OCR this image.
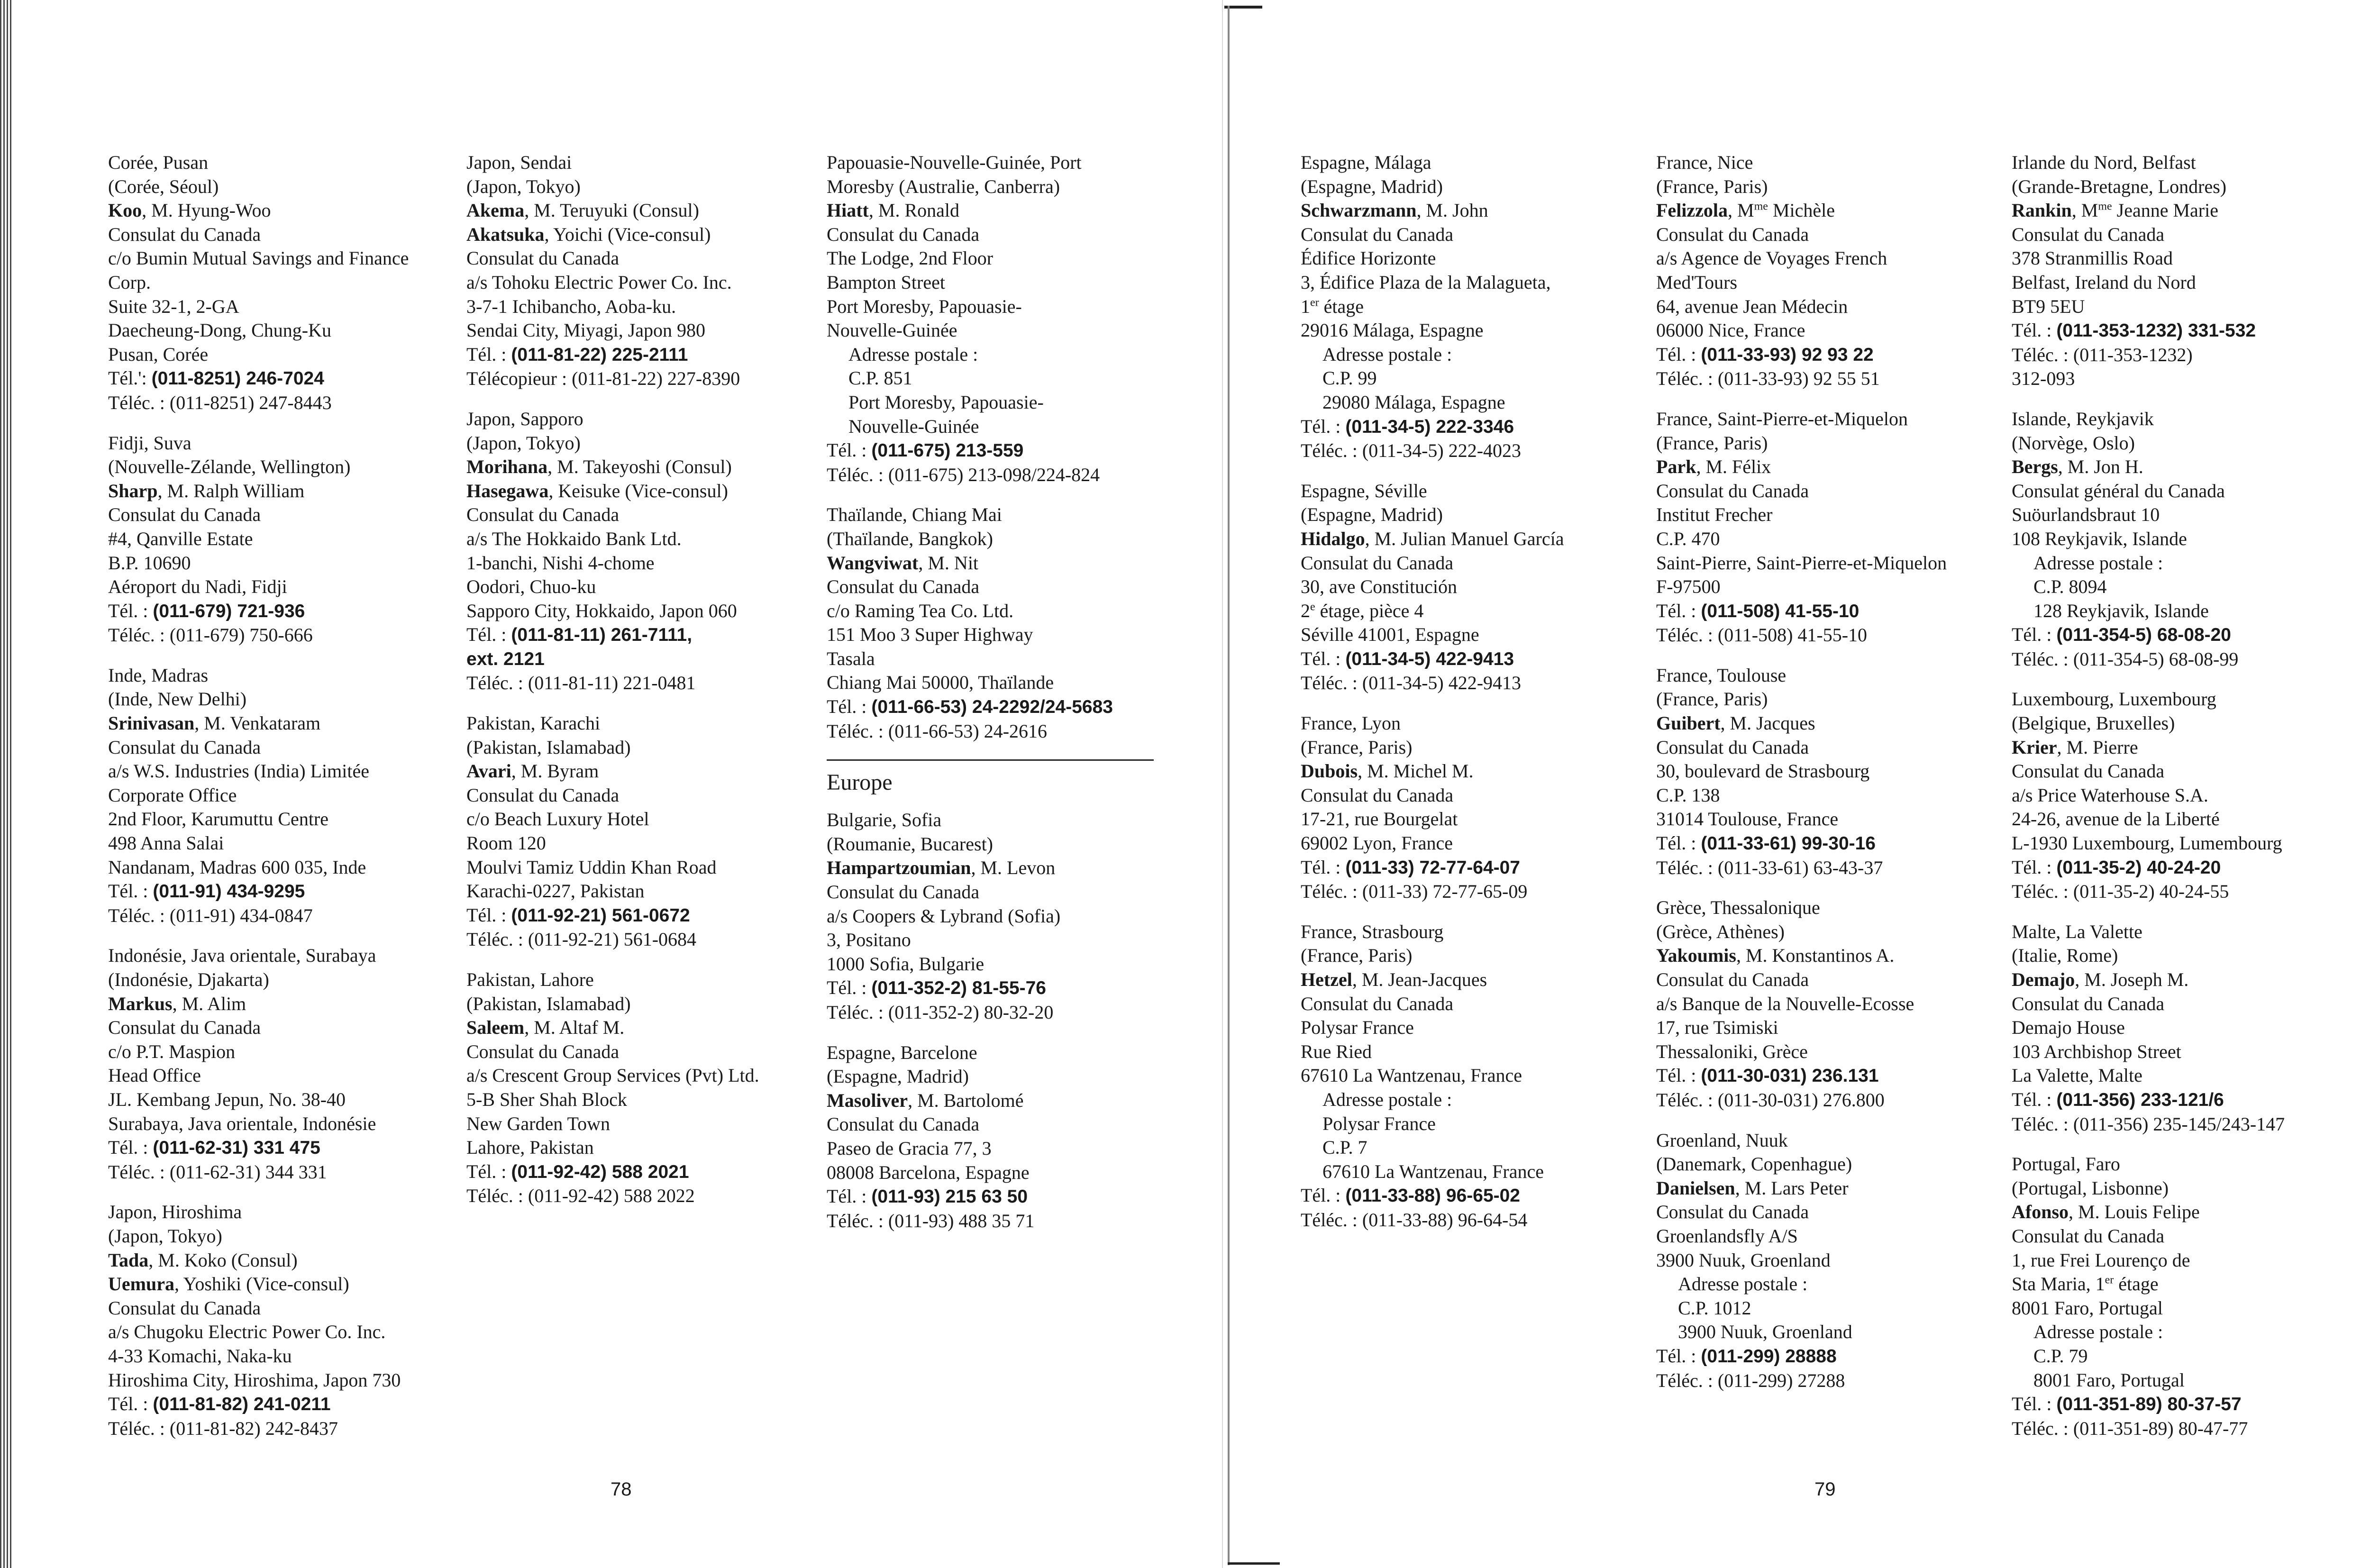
Corée, Pusan
(Corée, Séoul)
Koo, M. Hyung-Woo
Consulat du Canada
c/o Bumin Mutual Savings and Finance
Corp.
Suite 32-1, 2-GA
Daecheung-Dong, Chung-Ku
Pusan, Corée
Tél.': (011-8251) 246-7024
Téléc. : (011-8251) 247-8443
Fidji, Suva
(Nouvelle-Zélande, Wellington)
Sharp, M. Ralph William
Consulat du Canada
#4, Qanville Estate
B.P. 10690
Aéroport du Nadi, Fidji
Tél. : (011-679) 721-936
Téléc. : (011-679) 750-666
Inde, Madras
(Inde, New Delhi)
Srinivasan, M. Venkataram
Consulat du Canada
a/s W.S. Industries (India) Limitée
Corporate Office
2nd Floor, Karumuttu Centre
498 Anna Salai
Nandanam, Madras 600 035, Inde
Tél. : (011-91) 434-9295
Téléc. : (011-91) 434-0847
Indonésie, Java orientale, Surabaya
(Indonésie, Djakarta)
Markus, M. Alim
Consulat du Canada
c/o P.T. Maspion
Head Office
JL. Kembang Jepun, No. 38-40
Surabaya, Java orientale, Indonésie
Tél. : (011-62-31) 331 475
Téléc. : (011-62-31) 344 331
Japon, Hiroshima
(Japon, Tokyo)
Tada, M. Koko (Consul)
Uemura, Yoshiki (Vice-consul)
Consulat du Canada
a/s Chugoku Electric Power Co. Inc.
4-33 Komachi, Naka-ku
Hiroshima City, Hiroshima, Japon 730
Tél. : (011-81-82) 241-0211
Téléc. : (011-81-82) 242-8437
Japon, Sendai
(Japon, Tokyo)
Akema, M. Teruyuki (Consul)
Akatsuka, Yoichi (Vice-consul)
Consulat du Canada
a/s Tohoku Electric Power Co. Inc.
3-7-1 Ichibancho, Aoba-ku.
Sendai City, Miyagi, Japon 980
Tél. : (011-81-22) 225-2111
Télécopieur : (011-81-22) 227-8390
Japon, Sapporo
(Japon, Tokyo)
Morihana, M. Takeyoshi (Consul)
Hasegawa, Keisuke (Vice-consul)
Consulat du Canada
a/s The Hokkaido Bank Ltd.
1-banchi, Nishi 4-chome
Oodori, Chuo-ku
Sapporo City, Hokkaido, Japon 060
Tél. : (011-81-11) 261-7111,
ext. 2121
Téléc. : (011-81-11) 221-0481
Pakistan, Karachi
(Pakistan, Islamabad)
Avari, M. Byram
Consulat du Canada
c/o Beach Luxury Hotel
Room 120
Moulvi Tamiz Uddin Khan Road
Karachi-0227, Pakistan
Tél. : (011-92-21) 561-0672
Téléc. : (011-92-21) 561-0684
Pakistan, Lahore
(Pakistan, Islamabad)
Saleem, M. Altaf M.
Consulat du Canada
a/s Crescent Group Services (Pvt) Ltd.
5-B Sher Shah Block
New Garden Town
Lahore, Pakistan
Tél. : (011-92-42) 588 2021
Téléc. : (011-92-42) 588 2022
Papouasie-Nouvelle-Guinée, Port
Moresby (Australie, Canberra)
Hiatt, M. Ronald
Consulat du Canada
The Lodge, 2nd Floor
Bampton Street
Port Moresby, Papouasie-
Nouvelle-Guinée
Adresse postale :
C.P. 851
Port Moresby, Papouasie-
Nouvelle-Guinée
Tél. : (011-675) 213-559
Téléc. : (011-675) 213-098/224-824
Thaïlande, Chiang Mai
(Thaïlande, Bangkok)
Wangviwat, M. Nit
Consulat du Canada
c/o Raming Tea Co. Ltd.
151 Moo 3 Super Highway
Tasala
Chiang Mai 50000, Thaïlande
Tél. : (011-66-53) 24-2292/24-5683
Téléc. : (011-66-53) 24-2616
Europe
Bulgarie, Sofia
(Roumanie, Bucarest)
Hampartzoumian, M. Levon
Consulat du Canada
a/s Coopers & Lybrand (Sofia)
3, Positano
1000 Sofia, Bulgarie
Tél. : (011-352-2) 81-55-76
Téléc. : (011-352-2) 80-32-20
Espagne, Barcelone
(Espagne, Madrid)
Masoliver, M. Bartolomé
Consulat du Canada
Paseo de Gracia 77, 3
08008 Barcelona, Espagne
Tél. : (011-93) 215 63 50
Téléc. : (011-93) 488 35 71
78
Espagne, Málaga
(Espagne, Madrid)
Schwarzmann, M. John
Consulat du Canada
Édifice Horizonte
3, Édifice Plaza de la Malagueta,
1er étage
29016 Málaga, Espagne
Adresse postale :
C.P. 99
29080 Málaga, Espagne
Tél. : (011-34-5) 222-3346
Téléc. : (011-34-5) 222-4023
Espagne, Séville
(Espagne, Madrid)
Hidalgo, M. Julian Manuel García
Consulat du Canada
30, ave Constitución
2e étage, pièce 4
Séville 41001, Espagne
Tél. : (011-34-5) 422-9413
Téléc. : (011-34-5) 422-9413
France, Lyon
(France, Paris)
Dubois, M. Michel M.
Consulat du Canada
17-21, rue Bourgelat
69002 Lyon, France
Tél. : (011-33) 72-77-64-07
Téléc. : (011-33) 72-77-65-09
France, Strasbourg
(France, Paris)
Hetzel, M. Jean-Jacques
Consulat du Canada
Polysar France
Rue Ried
67610 La Wantzenau, France
Adresse postale :
Polysar France
C.P. 7
67610 La Wantzenau, France
Tél. : (011-33-88) 96-65-02
Téléc. : (011-33-88) 96-64-54
France, Nice
(France, Paris)
Felizzola, $M^{me}$ Michèle
Consulat du Canada
a/s Agence de Voyages French
Med'Tours
64, avenue Jean Médecin
06000 Nice, France
Tél. : (011-33-93) 92 93 22
Téléc. : (011-33-93) 92 55 51
France, Saint-Pierre-et-Miquelon
(France, Paris)
Park, M. Félix
Consulat du Canada
Institut Frecher
C.P. 470
Saint-Pierre, Saint-Pierre-et-Miquelon
F-97500
Tél. : (011-508) 41-55-10
Téléc. : (011-508) 41-55-10
France, Toulouse
(France, Paris)
Guibert, M. Jacques
Consulat du Canada
30, boulevard de Strasbourg
C.P. 138
31014 Toulouse, France
Tél. : (011-33-61) 99-30-16
Téléc. : (011-33-61) 63-43-37
Grèce, Thessalonique
(Grèce, Athènes)
Yakoumis, M. Konstantinos A.
Consulat du Canada
a/s Banque de la Nouvelle-Ecosse
17, rue Tsimiski
Thessaloniki, Grèce
Tél. : (011-30-031) 236.131
Téléc. : (011-30-031) 276.800
Groenland, Nuuk
(Danemark, Copenhague)
Danielsen, M. Lars Peter
Consulat du Canada
Groenlandsfly A/S
3900 Nuuk, Groenland
Adresse postale :
C.P. 1012
3900 Nuuk, Groenland
Tél. : (011-299) 28888
Téléc. : (011-299) 27288
Irlande du Nord, Belfast
(Grande-Bretagne, Londres)
Rankin, $M^{me}$ Jeanne Marie
Consulat du Canada
378 Stranmillis Road
Belfast, Ireland du Nord
BT9 5EU
Tél. : (011-353-1232) 331-532
Téléc. : (011-353-1232)
312-093
Islande, Reykjavik
(Norvège, Oslo)
Bergs, M. Jon H.
Consulat général du Canada
Suöurlandsbraut 10
108 Reykjavik, Islande
Adresse postale :
C.P. 8094
128 Reykjavik, Islande
Tél. : (011-354-5) 68-08-20
Téléc. : (011-354-5) 68-08-99
Luxembourg, Luxembourg
(Belgique, Bruxelles)
Krier, M. Pierre
Consulat du Canada
a/s Price Waterhouse S.A.
24-26, avenue de la Liberté
L-1930 Luxembourg, Lumembourg
Tél. : (011-35-2) 40-24-20
Téléc. : (011-35-2) 40-24-55
Malte, La Valette
(Italie, Rome)
Demajo, M. Joseph M.
Consulat du Canada
Demajo House
103 Archbishop Street
La Valette, Malte
Tél. : (011-356) 233-121/6
Téléc. : (011-356) 235-145/243-147
Portugal, Faro
(Portugal, Lisbonne)
Afonso, M. Louis Felipe
Consulat du Canada
1, rue Frei Lourenço de
Sta Maria, 1er étage
8001 Faro, Portugal
Adresse postale :
C.P. 79
8001 Faro, Portugal
Tél. : (011-351-89) 80-37-57
Téléc. : (011-351-89) 80-47-77
79
